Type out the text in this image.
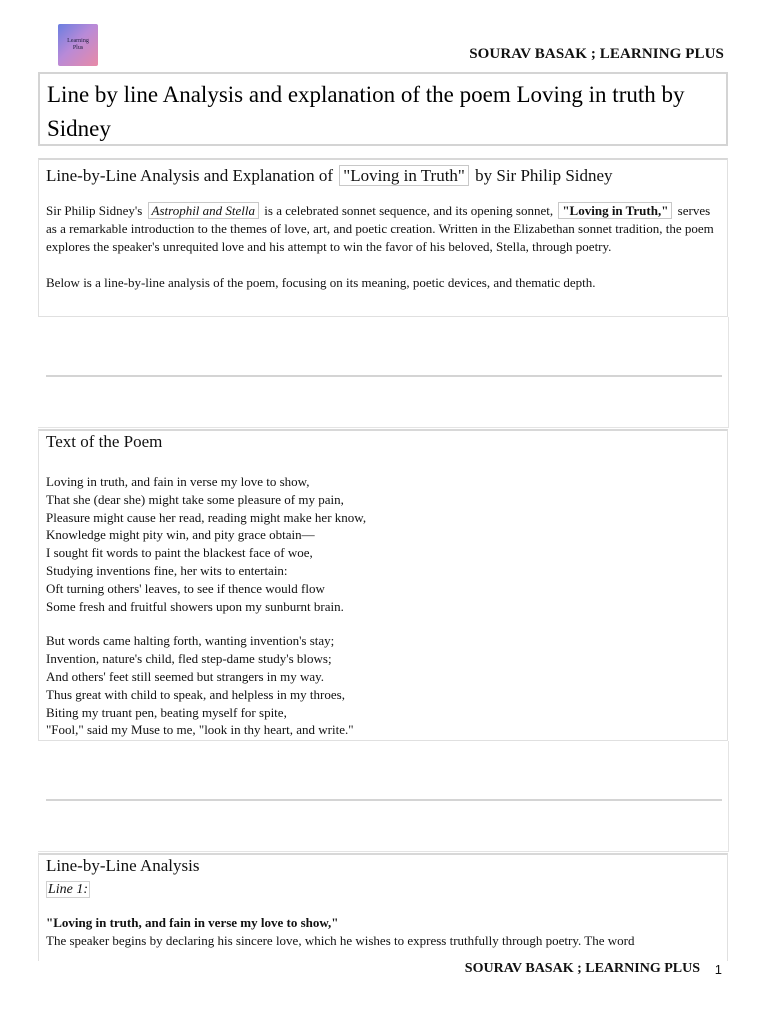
Learning
Plus	SOURAV BASAK ; LEARNING PLUS
Line by line Analysis and explanation of the poem Loving in truth by Sidney
Line-by-Line Analysis and Explanation of "Loving in Truth" by Sir Philip Sidney

Sir Philip Sidney's Astrophil and Stella is a celebrated sonnet sequence, and its opening sonnet, "Loving in Truth," serves as a remarkable introduction to the themes of love, art, and poetic creation. Written in the Elizabethan sonnet tradition, the poem explores the speaker's unrequited love and his attempt to win the favor of his beloved, Stella, through poetry.

Below is a line-by-line analysis of the poem, focusing on its meaning, poetic devices, and thematic depth.

Text of the Poem
Loving in truth, and fain in verse my love to show,
That she (dear she) might take some pleasure of my pain,
Pleasure might cause her read, reading might make her know,
Knowledge might pity win, and pity grace obtain—
I sought fit words to paint the blackest face of woe,
Studying inventions fine, her wits to entertain:
Oft turning others' leaves, to see if thence would flow
Some fresh and fruitful showers upon my sunburnt brain.
But words came halting forth, wanting invention's stay;
Invention, nature's child, fled step-dame study's blows;
And others' feet still seemed but strangers in my way.
Thus great with child to speak, and helpless in my throes,
Biting my truant pen, beating myself for spite,
"Fool," said my Muse to me, "look in thy heart, and write."
Line-by-Line Analysis

Line 1:

"Loving in truth, and fain in verse my love to show,"

The speaker begins by declaring his sincere love, which he wishes to express truthfully through poetry. The word

SOURAV BASAK ; LEARNING PLUS 1
